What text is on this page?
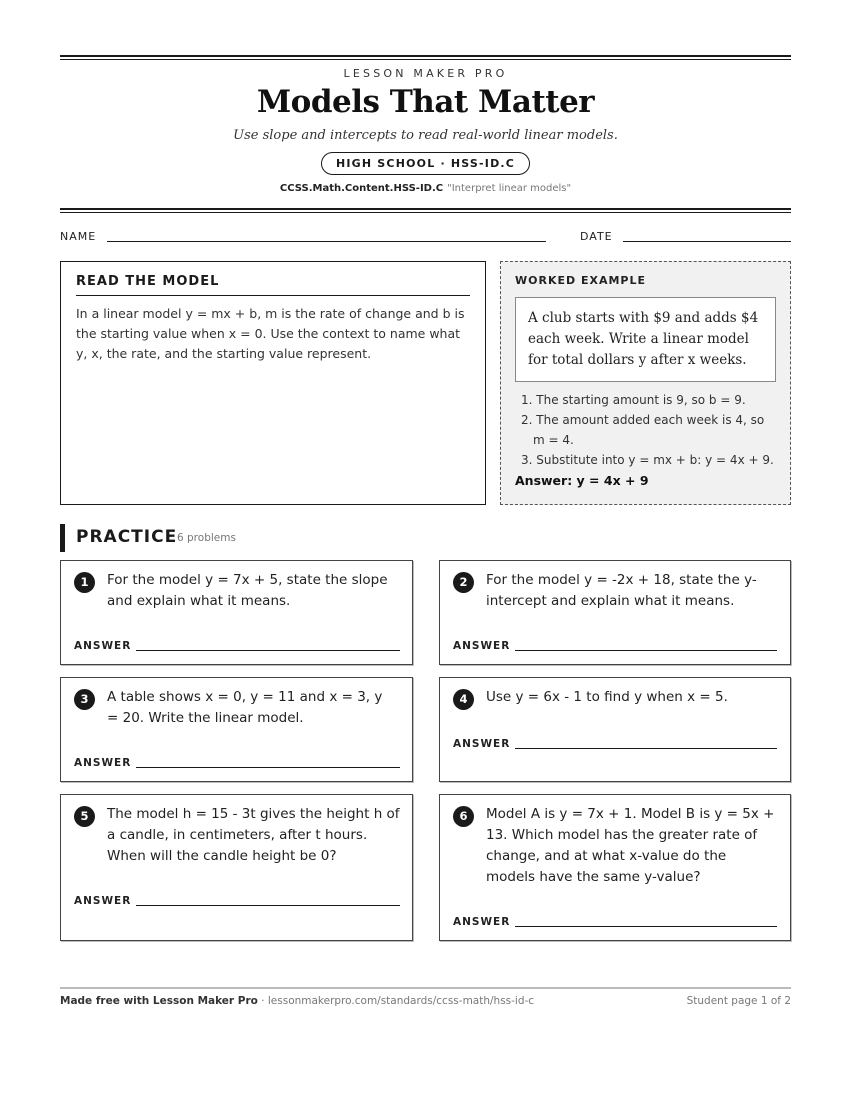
LESSON MAKER PRO
Models That Matter
Use slope and intercepts to read real-world linear models.
HIGH SCHOOL · HSS-ID.C
CCSS.Math.Content.HSS-ID.C "Interpret linear models"
NAME	DATE
READ THE MODEL
In a linear model y = mx + b, m is the rate of change and b is the starting value when x = 0. Use the context to name what y, x, the rate, and the starting value represent.
WORKED EXAMPLE
A club starts with $9 and adds $4 each week. Write a linear model for total dollars y after x weeks.
1. The starting amount is 9, so b = 9.
2. The amount added each week is 4, so m = 4.
3. Substitute into y = mx + b: y = 4x + 9.
Answer: y = 4x + 9
PRACTICE 6 problems
1	For the model y = 7x + 5, state the slope and explain what it means.
ANSWER
2	For the model y = -2x + 18, state the y-intercept and explain what it means.
ANSWER
3	A table shows x = 0, y = 11 and x = 3, y = 20. Write the linear model.
ANSWER
4	Use y = 6x - 1 to find y when x = 5.
ANSWER
5	The model h = 15 - 3t gives the height h of a candle, in centimeters, after t hours. When will the candle height be 0?
ANSWER
6	Model A is y = 7x + 1. Model B is y = 5x + 13. Which model has the greater rate of change, and at what x-value do the models have the same y-value?
ANSWER
Made free with Lesson Maker Pro · lessonmakerpro.com/standards/ccss-math/hss-id-c	Student page 1 of 2
